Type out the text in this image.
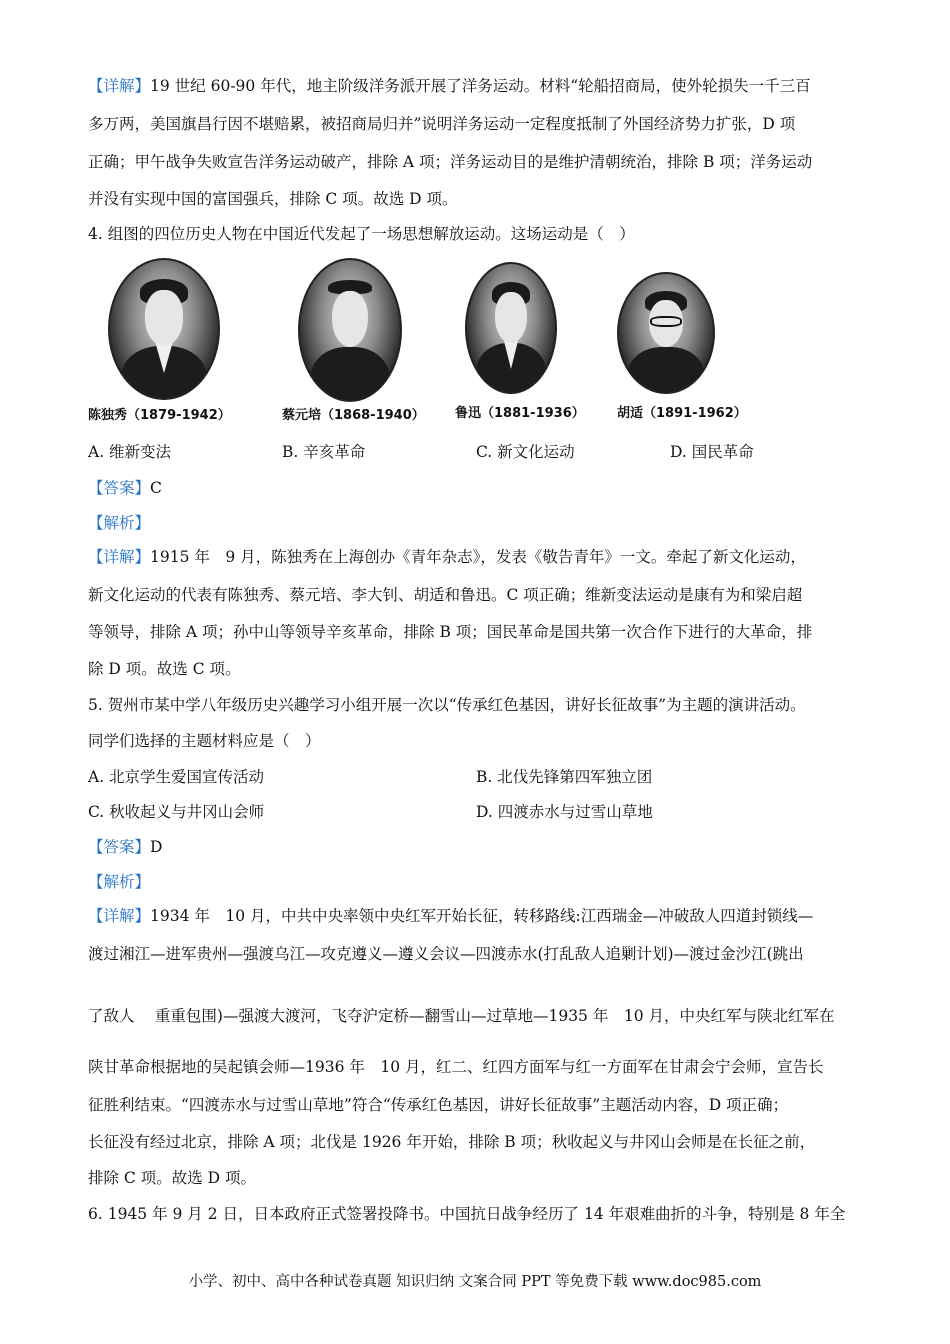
【详解】19 世纪 60-90 年代，地主阶级洋务派开展了洋务运动。材料“轮船招商局，使外轮损失一千三百
多万两，美国旗昌行因不堪赔累，被招商局归并”说明洋务运动一定程度抵制了外国经济势力扩张，D 项
正确；甲午战争失败宣告洋务运动破产，排除 A 项；洋务运动目的是维护清朝统治，排除 B 项；洋务运动
并没有实现中国的富国强兵，排除 C 项。故选 D 项。
4. 组图的四位历史人物在中国近代发起了一场思想解放运动。这场运动是（　）
陈独秀（1879-1942）	蔡元培（1868-1940） 鲁迅（1881-1936） 胡适（1891-1962）
A. 维新变法	B. 辛亥革命	C. 新文化运动	D. 国民革命
【答案】C
【解析】
【详解】1915 年　9 月，陈独秀在上海创办《青年杂志》，发表《敬告青年》一文。牵起了新文化运动，
新文化运动的代表有陈独秀、蔡元培、李大钊、胡适和鲁迅。C 项正确；维新变法运动是康有为和梁启超
等领导，排除 A 项；孙中山等领导辛亥革命，排除 B 项；国民革命是国共第一次合作下进行的大革命，排
除 D 项。故选 C 项。
5. 贺州市某中学八年级历史兴趣学习小组开展一次以“传承红色基因，讲好长征故事”为主题的演讲活动。
同学们选择的主题材料应是（　）
A. 北京学生爱国宣传活动	B. 北伐先锋第四军独立团
C. 秋收起义与井冈山会师	D. 四渡赤水与过雪山草地
【答案】D
【解析】
【详解】1934 年　10 月，中共中央率领中央红军开始长征，转移路线:江西瑞金—冲破敌人四道封锁线—
渡过湘江—进军贵州—强渡乌江—攻克遵义—遵义会议—四渡赤水(打乱敌人追剿计划)—渡过金沙江(跳出
了敌人　 重重包围)—强渡大渡河，飞夺沪定桥—翻雪山—过草地—1935 年　10 月，中央红军与陕北红军在
陕甘革命根据地的吴起镇会师—1936 年　10 月，红二、红四方面军与红一方面军在甘肃会宁会师，宣告长
征胜利结束。“四渡赤水与过雪山草地”符合“传承红色基因，讲好长征故事”主题活动内容，D 项正确；
长征没有经过北京，排除 A 项；北伐是 1926 年开始，排除 B 项；秋收起义与井冈山会师是在长征之前，
排除 C 项。故选 D 项。
6. 1945 年 9 月 2 日，日本政府正式签署投降书。中国抗日战争经历了 14 年艰难曲折的斗争，特别是 8 年全
小学、初中、高中各种试卷真题 知识归纳 文案合同 PPT 等免费下载 www.doc985.com
